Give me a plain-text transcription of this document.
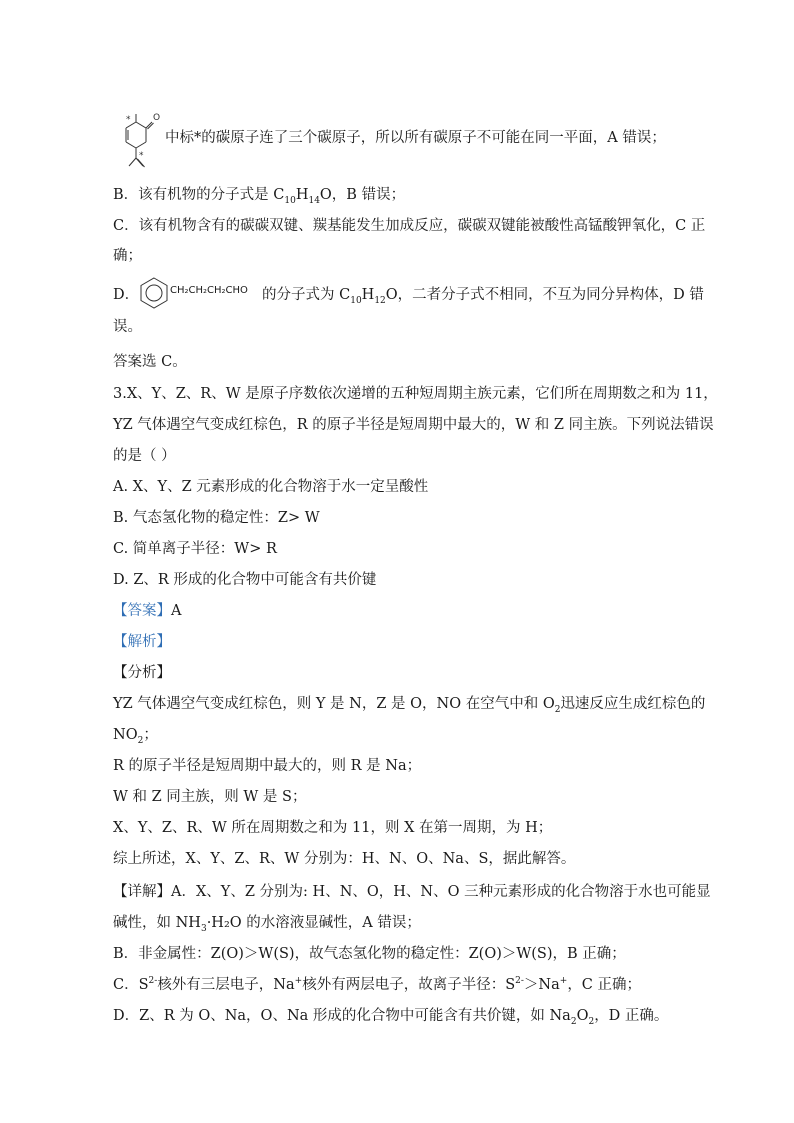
*	O
*
中标*的碳原子连了三个碳原子，所以所有碳原子不可能在同一平面，A 错误；
B．该有机物的分子式是 $C_{10}H_{14}O$，B 错误；
C．该有机物含有的碳碳双键、羰基能发生加成反应，碳碳双键能被酸性高锰酸钾氧化，C 正
确；
D．	CH₂CH₂CH₂CHO 的分子式为 $C_{10}H_{12}O$，二者分子式不相同，不互为同分异构体，D 错
误。
答案选 C。
3.X、Y、Z、R、W 是原子序数依次递增的五种短周期主族元素，它们所在周期数之和为 11，
YZ 气体遇空气变成红棕色，R 的原子半径是短周期中最大的，W 和 Z 同主族。下列说法错误
的是（ ）
A. X、Y、Z 元素形成的化合物溶于水一定呈酸性
B. 气态氢化物的稳定性：Z> W
C. 简单离子半径：W> R
D. Z、R 形成的化合物中可能含有共价键
【答案】A
【解析】
【分析】
YZ 气体遇空气变成红棕色，则 Y 是 N，Z 是 O，NO 在空气中和 $O_2$迅速反应生成红棕色的
$NO_2$；
R 的原子半径是短周期中最大的，则 R 是 Na；
W 和 Z 同主族，则 W 是 S；
X、Y、Z、R、W 所在周期数之和为 11，则 X 在第一周期，为 H；
综上所述，X、Y、Z、R、W 分别为：H、N、O、Na、S，据此解答。
【详解】A．X、Y、Z 分别为: H、N、O，H、N、O 三种元素形成的化合物溶于水也可能显
碱性，如 $NH_3\cdot H_2O$ 的水溶液显碱性，A 错误；
B．非金属性：Z(O)＞W(S)，故气态氢化物的稳定性：Z(O)＞W(S)，B 正确；
C．$S^{2-}$核外有三层电子，Na+核外有两层电子，故离子半径：$S^{2-}>Na^+$，C 正确；
D．Z、R 为 O、Na，O、Na 形成的化合物中可能含有共价键，如 $Na_2O_2$，D 正确。
